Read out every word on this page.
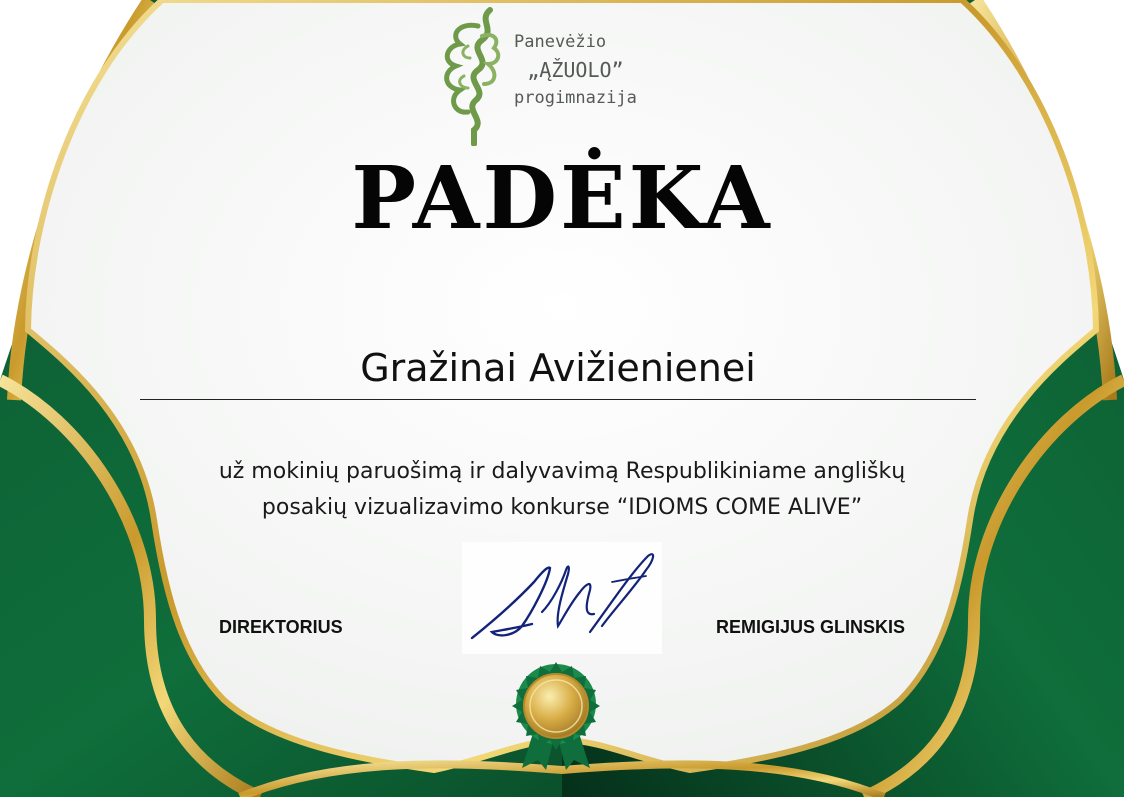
Panevėžio
„ĄŽUOLO”
progimnazija
PADĖKA
Gražinai Avižienienei
už mokinių paruošimą ir dalyvavimą Respublikiniame angliškų
posakių vizualizavimo konkurse “IDIOMS COME ALIVE”
DIREKTORIUS	REMIGIJUS GLINSKIS
